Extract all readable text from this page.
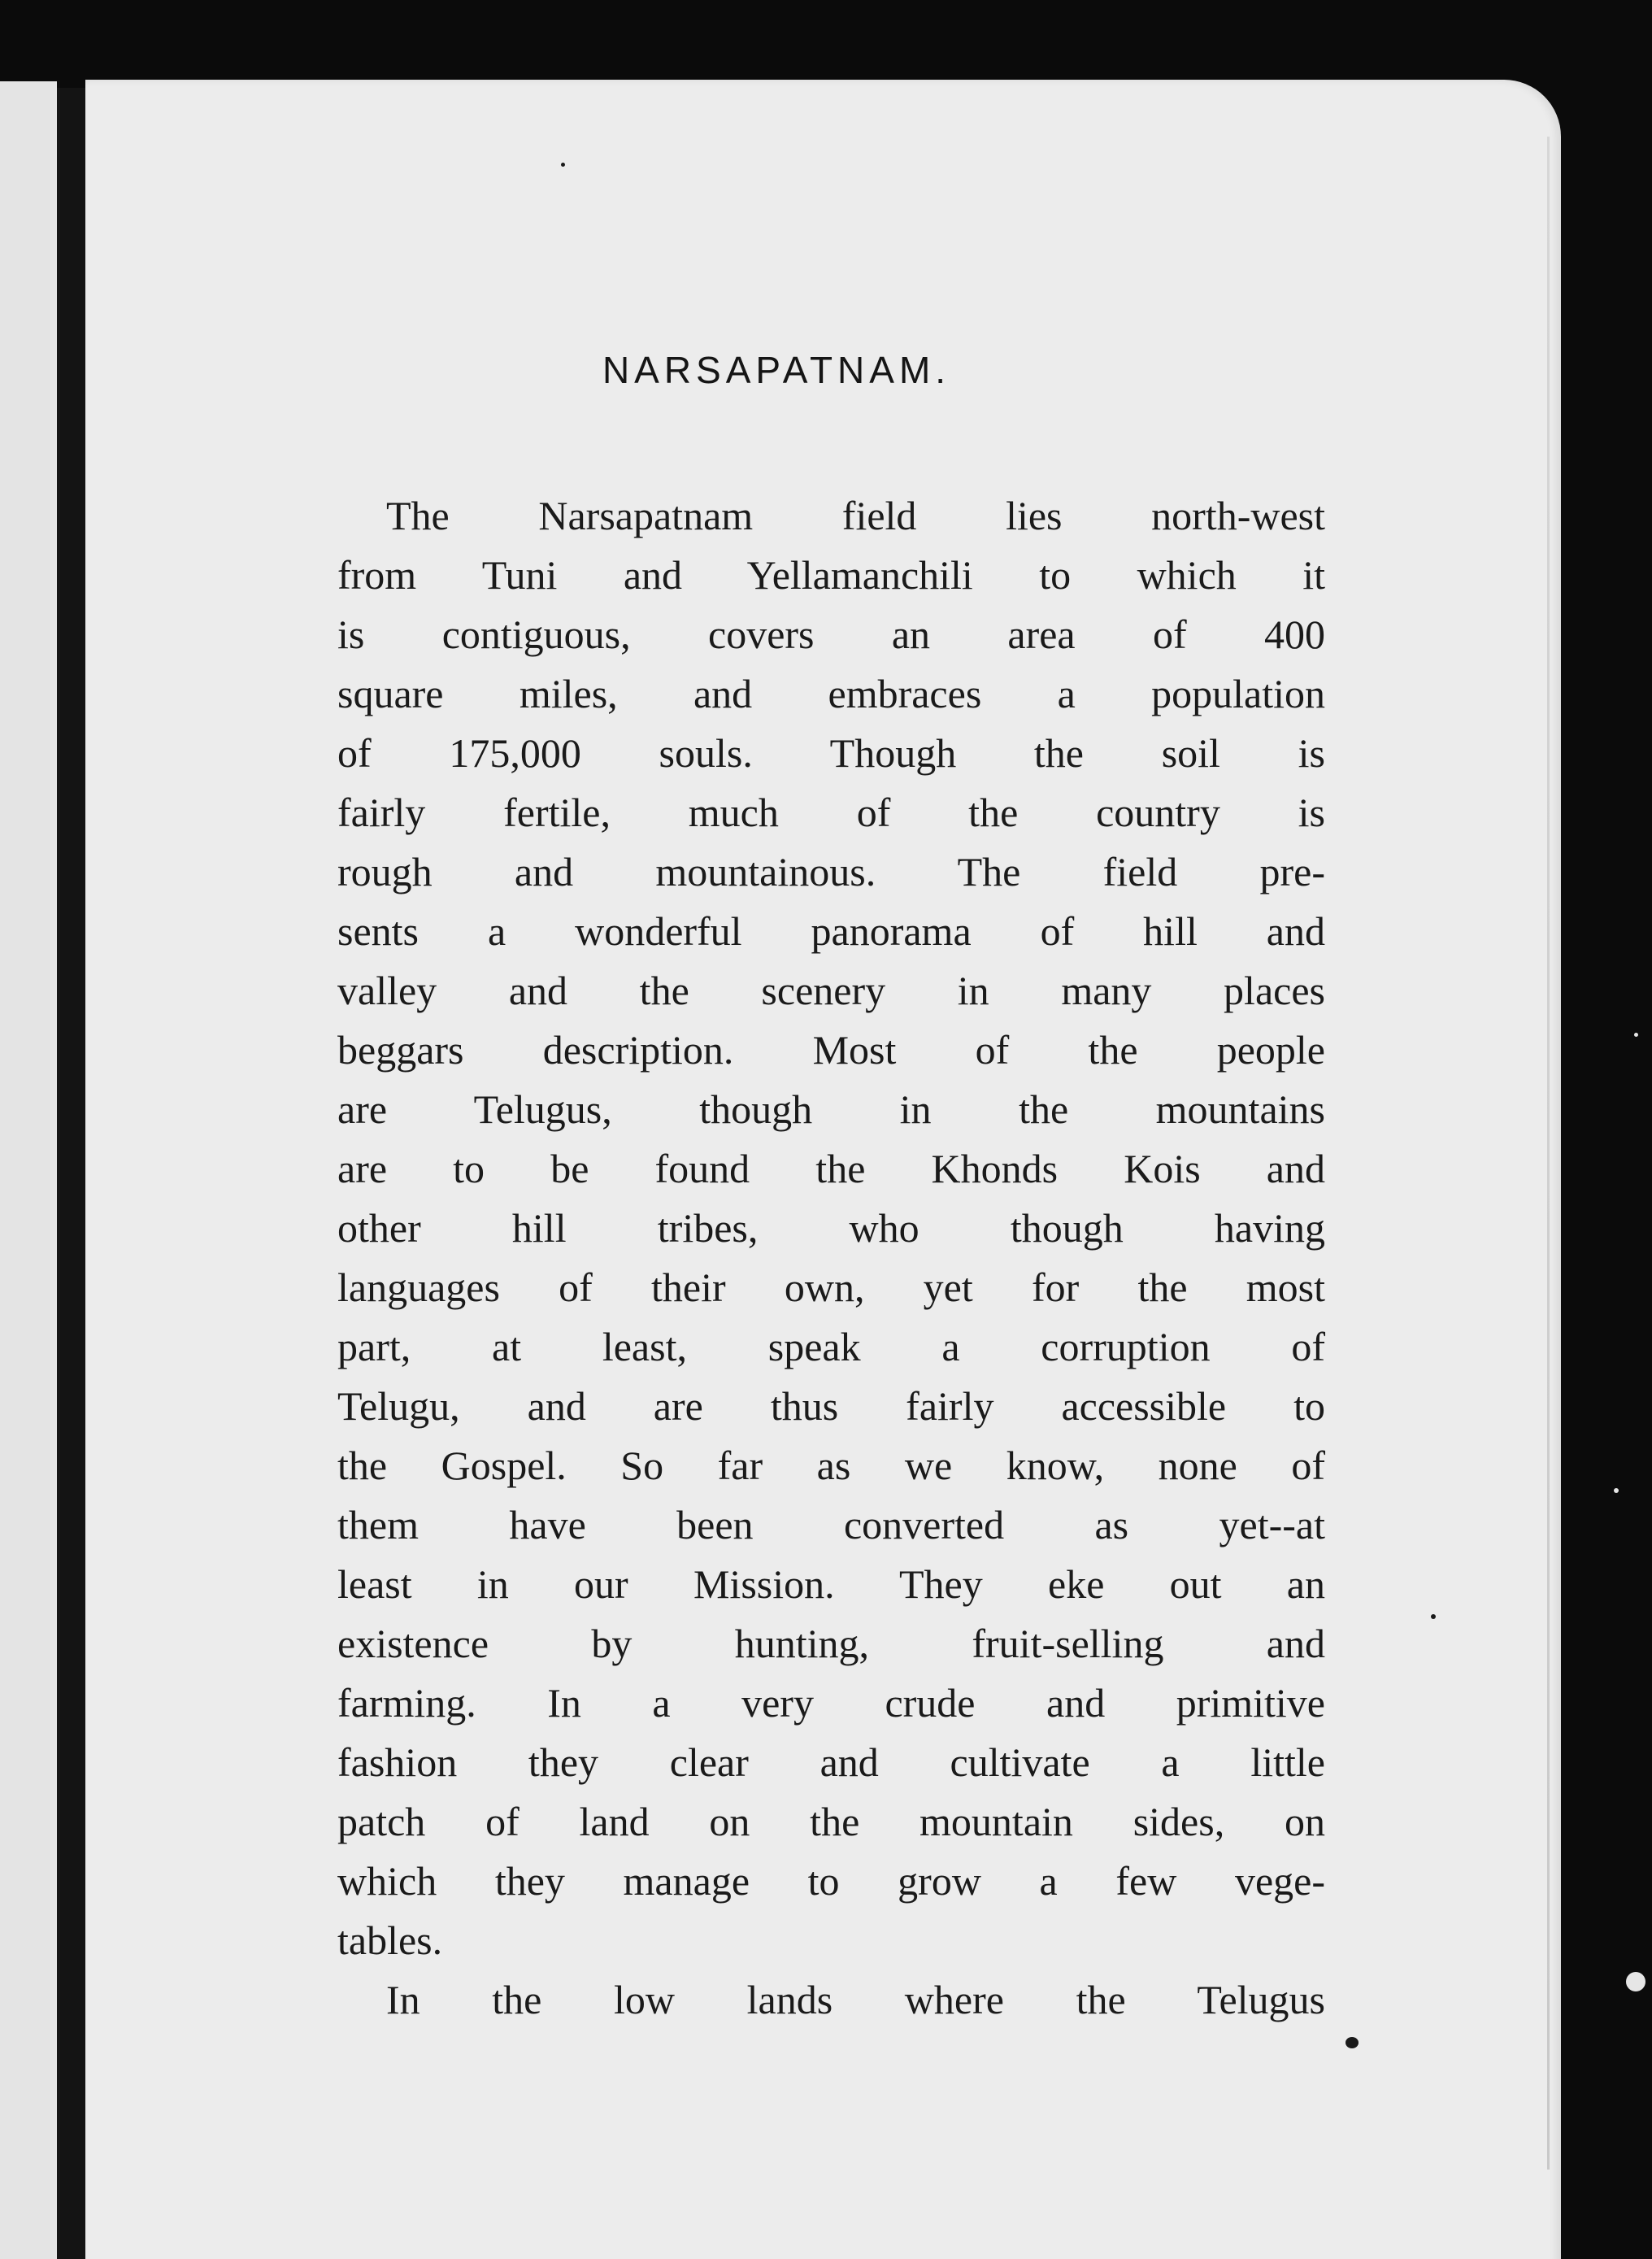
NARSAPATNAM.
The Narsapatnam field lies north-west
from Tuni and Yellamanchili to which it
is contiguous, covers an area of 400
square miles, and embraces a population
of 175,000 souls. Though the soil is
fairly fertile, much of the country is
rough and mountainous. The field pre-
sents a wonderful panorama of hill and
valley and the scenery in many places
beggars description. Most of the people
are Telugus, though in the mountains
are to be found the Khonds Kois and
other hill tribes, who though having
languages of their own, yet for the most
part, at least, speak a corruption of
Telugu, and are thus fairly accessible to
the Gospel. So far as we know, none of
them have been converted as yet--at
least in our Mission. They eke out an
existence by hunting, fruit-selling and
farming. In a very crude and primitive
fashion they clear and cultivate a little
patch of land on the mountain sides, on
which they manage to grow a few vege-
tables.
In the low lands where the Telugus
